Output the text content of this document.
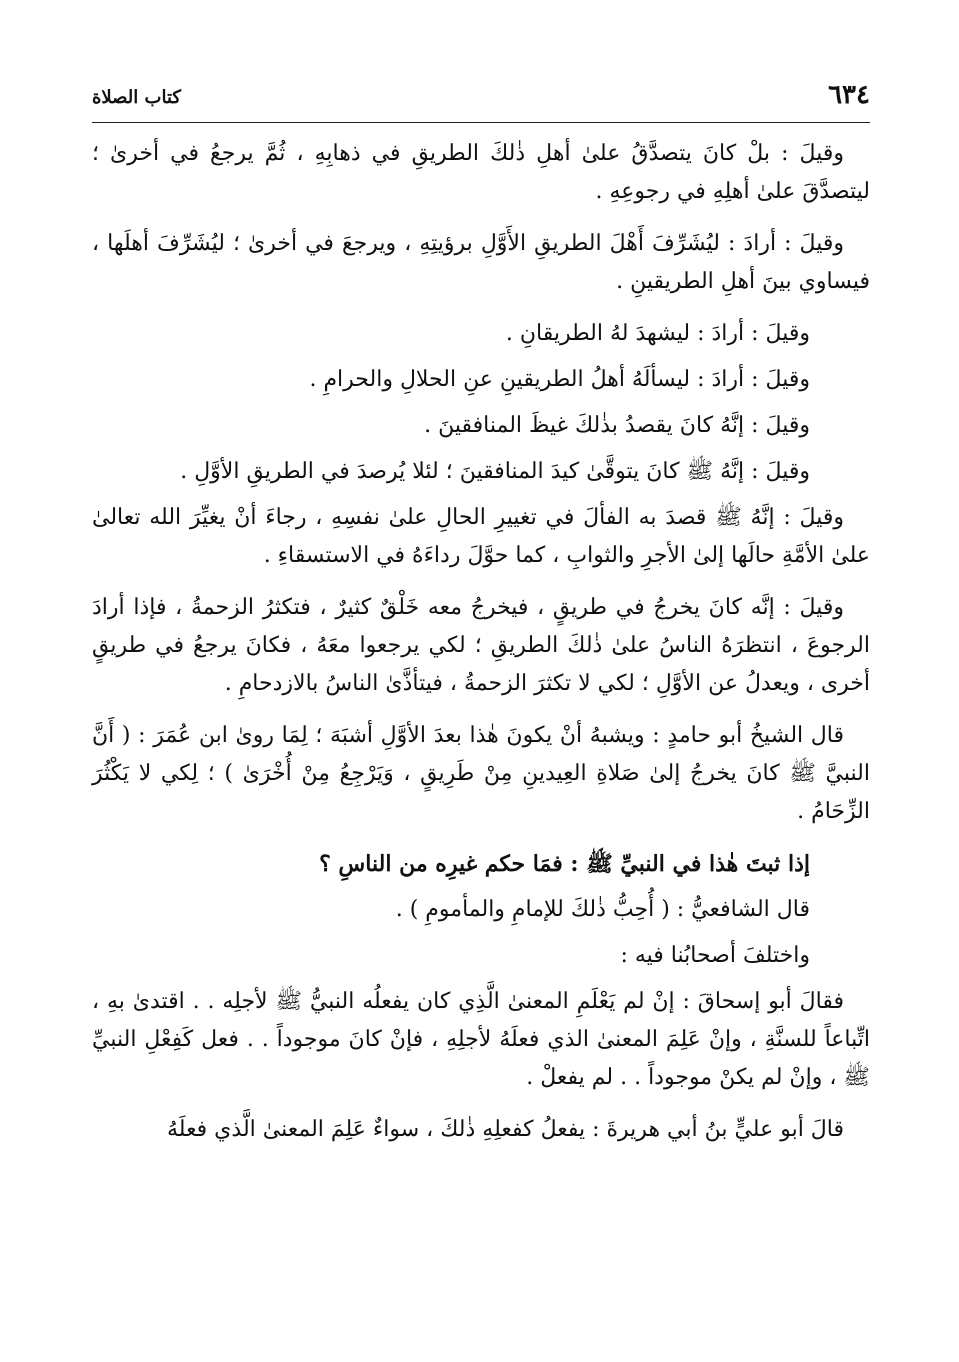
٦٣٤
كتاب الصلاة

وقيلَ : بلْ كانَ يتصدَّقُ علىٰ أهلِ ذٰلكَ الطريقِ في ذهابِهِ ، ثُمَّ يرجعُ في أخرىٰ ؛ ليتصدَّقَ علىٰ أهلِهِ في رجوعِهِ .

وقيلَ : أرادَ : ليُشَرِّفَ أَهْلَ الطريقِ الأَوَّلِ برؤيتِهِ ، ويرجعَ في أخرىٰ ؛ ليُشَرِّفَ أهلَها ، فيساوي بينَ أهلِ الطريقينِ .

وقيلَ : أرادَ : ليشهدَ لهُ الطريقانِ .

وقيلَ : أرادَ : ليسألَهُ أهلُ الطريقينِ عنِ الحلالِ والحرامِ .

وقيلَ : إنَّهُ كانَ يقصدُ بذٰلكَ غيظَ المنافقينَ .

وقيلَ : إنَّهُ ﷺ كانَ يتوقَّىٰ كيدَ المنافقينَ ؛ لئلا يُرصدَ في الطريقِ الأوَّلِ .

وقيلَ : إنَّهُ ﷺ قصدَ به الفألَ في تغييرِ الحالِ علىٰ نفسِهِ ، رجاءَ أنْ يغيِّرَ الله تعالىٰ علىٰ الأمَّةِ حالَها إلىٰ الأجرِ والثوابِ ، كما حوَّلَ رداءَهُ في الاستسقاءِ .

وقيلَ : إنَّه كانَ يخرجُ في طريقٍ ، فيخرجُ معه خَلْقٌ كثيرٌ ، فتكثرُ الزحمةُ ، فإذا أرادَ الرجوعَ ، انتظرَهُ الناسُ علىٰ ذٰلكَ الطريقِ ؛ لكي يرجعوا معَهُ ، فكانَ يرجعُ في طريقٍ أخرى ، ويعدلُ عن الأوَّلِ ؛ لكي لا تكثرَ الزحمةُ ، فيتأذَّىٰ الناسُ بالازدحامِ .

قال الشيخُ أبو حامدٍ : ويشبهُ أنْ يكونَ هٰذا بعدَ الأوَّلِ أشبَهَ ؛ لِمَا روىٰ ابن عُمَرَ : ( أَنَّ النبيَّ ﷺ كانَ يخرجُ إلىٰ صَلاةِ العِيدينِ مِنْ طَرِيقٍ ، وَيَرْجِعُ مِنْ أُخْرَىٰ ) ؛ لِكي لا يَكْثُرَ الزِّحَامُ .

إذا ثبتَ هٰذا في النبيِّ ﷺ : فمَا حكم غيرِه من الناسِ ؟

قال الشافعيُّ : ( أُحِبُّ ذٰلكَ للإمامِ والمأمومِ ) .

واختلفَ أصحابُنا فيه :

فقالَ أبو إسحاقَ : إنْ لم يَعْلَمِ المعنىٰ الَّذِي كان يفعلُه النبيُّ ﷺ لأجلِه . . اقتدىٰ بهِ ، اتِّباعاً للسنَّةِ ، وإنْ عَلِمَ المعنىٰ الذي فعلَهُ لأجلِهِ ، فإنْ كانَ موجوداً . . فعل كَفِعْلِ النبيِّ ﷺ ، وإنْ لم يكنْ موجوداً . . لم يفعلْ .

قالَ أبو عليٍّ بنُ أبي هريرةَ : يفعلُ كفعلِهِ ذٰلكَ ، سواءٌ عَلِمَ المعنىٰ الَّذي فعلَهُ
